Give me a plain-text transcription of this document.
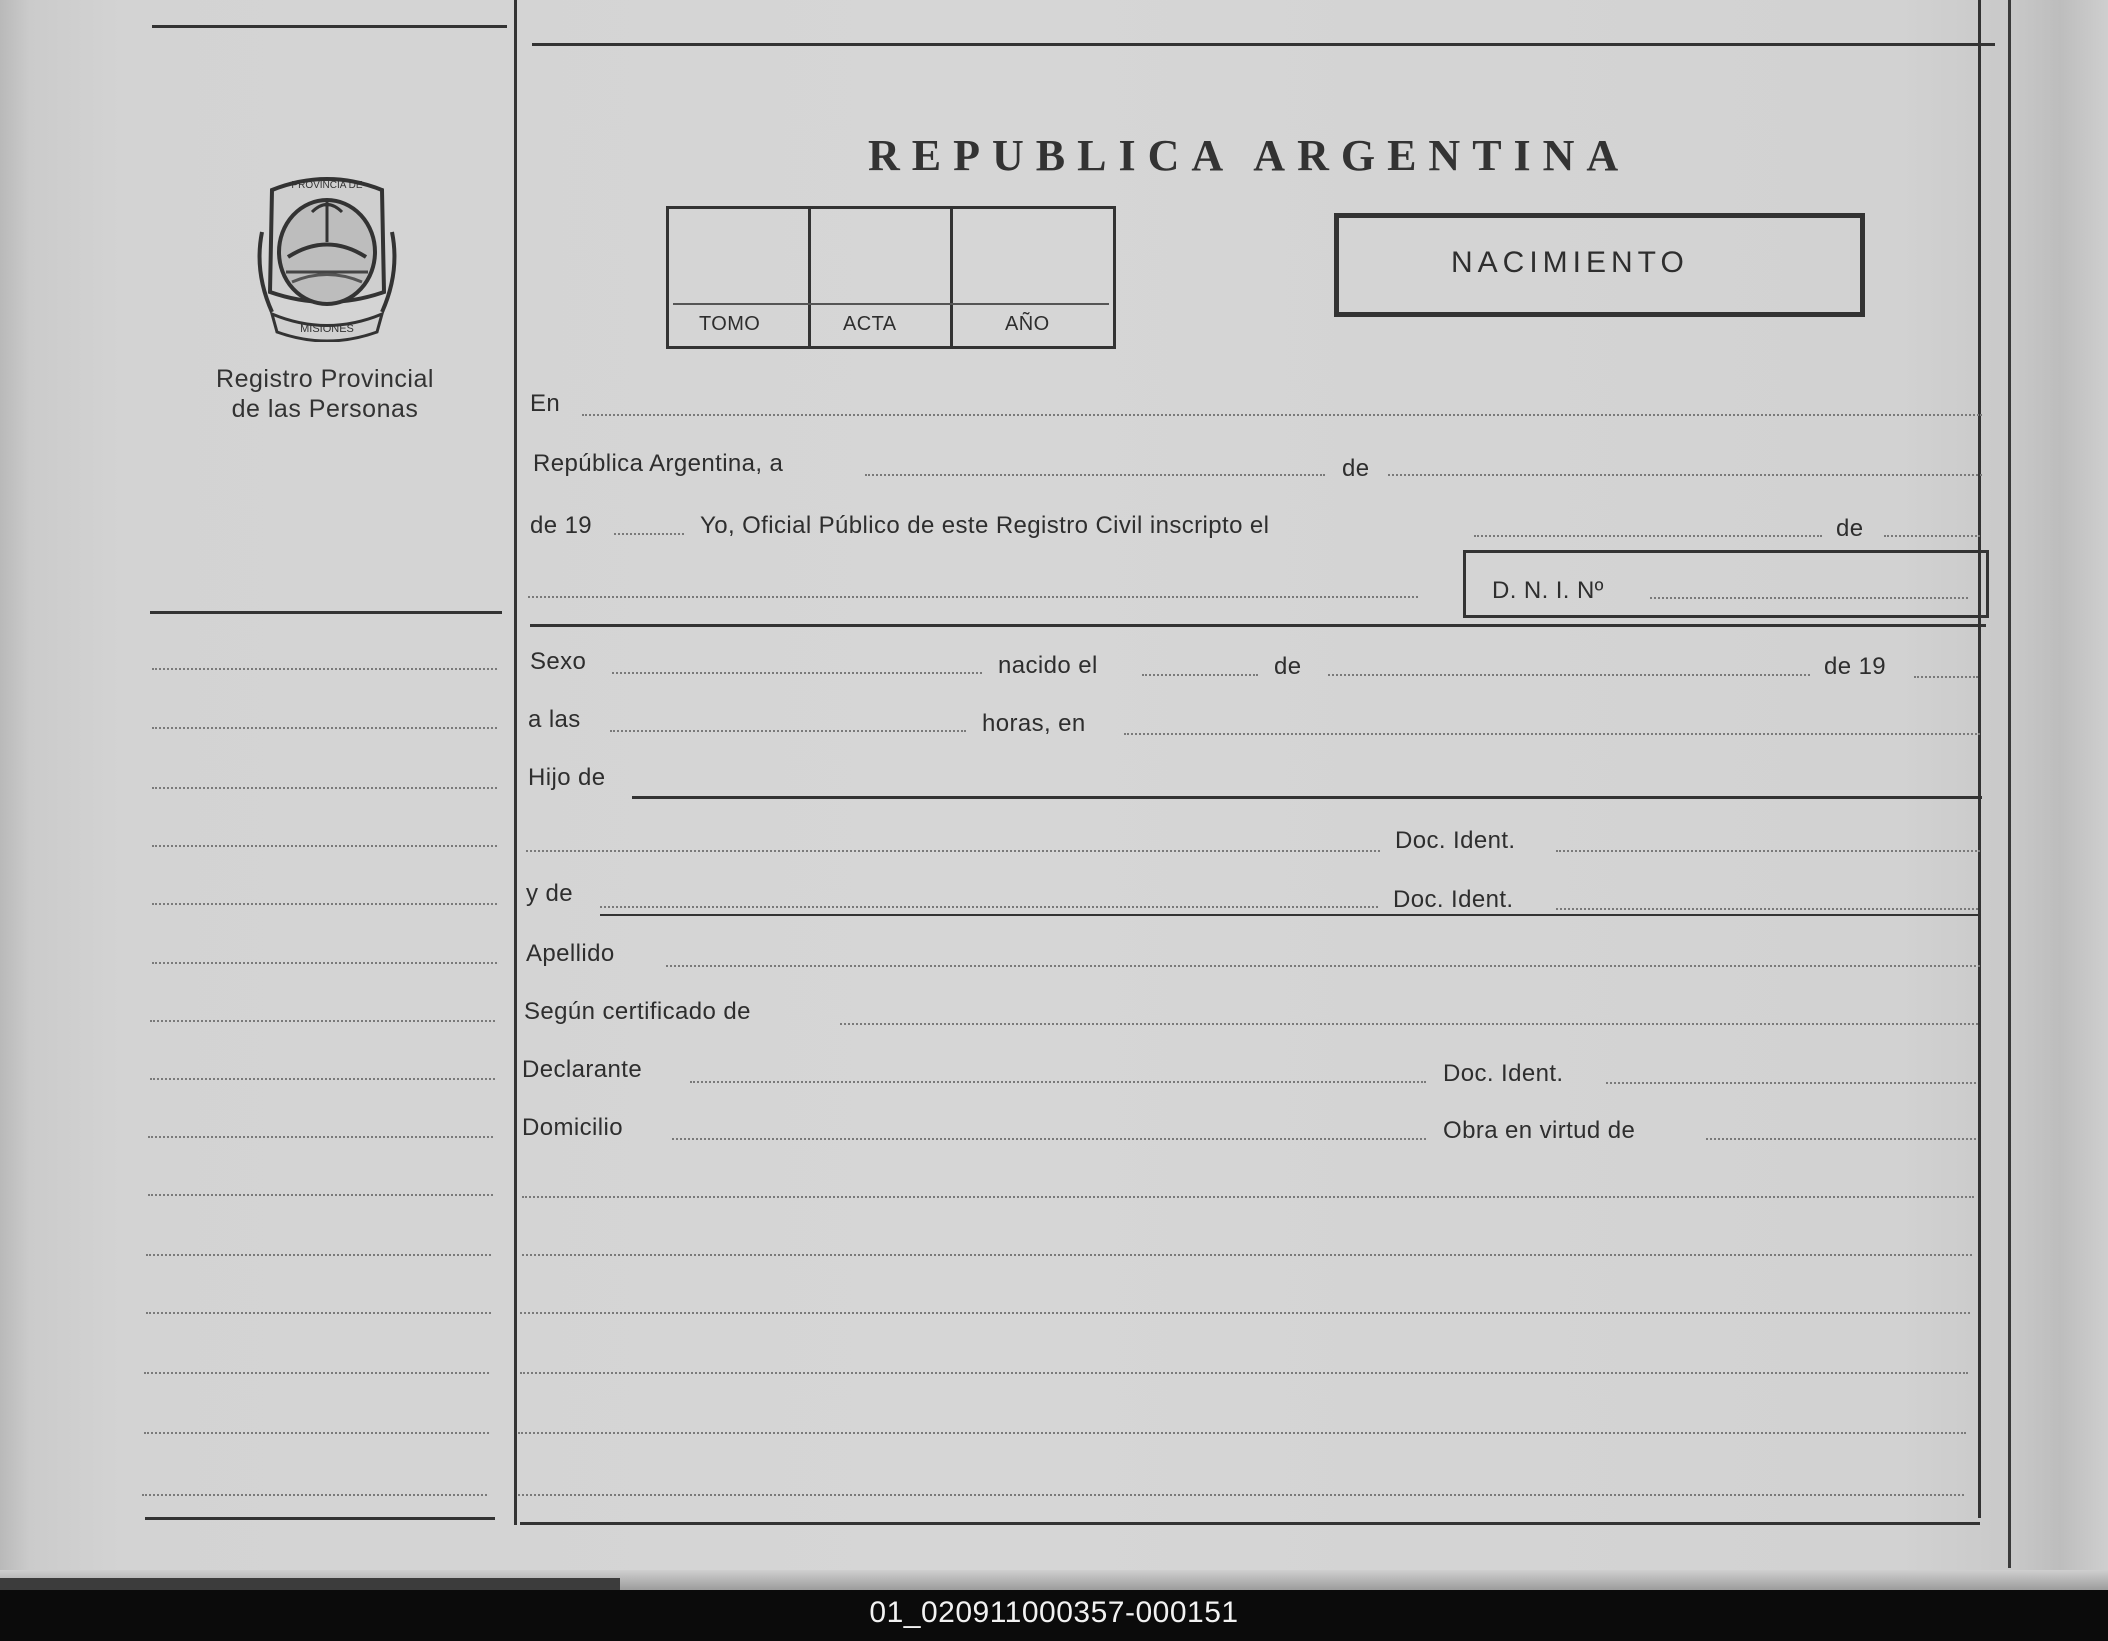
PROVINCIA DE
MISIONES
Registro Provincial
de las Personas
REPUBLICA ARGENTINA
TOMO	ACTA	AÑO
NACIMIENTO
En
República Argentina, a	de
de 19	Yo, Oficial Público de este Registro Civil inscripto el	de
D. N. I. Nº
Sexo	nacido el	de	de 19
a las	horas, en
Hijo de
Doc. Ident.
y de	Doc. Ident.
Apellido
Según certificado de
Declarante	Doc. Ident.
Domicilio	Obra en virtud de
01_020911000357-000151
